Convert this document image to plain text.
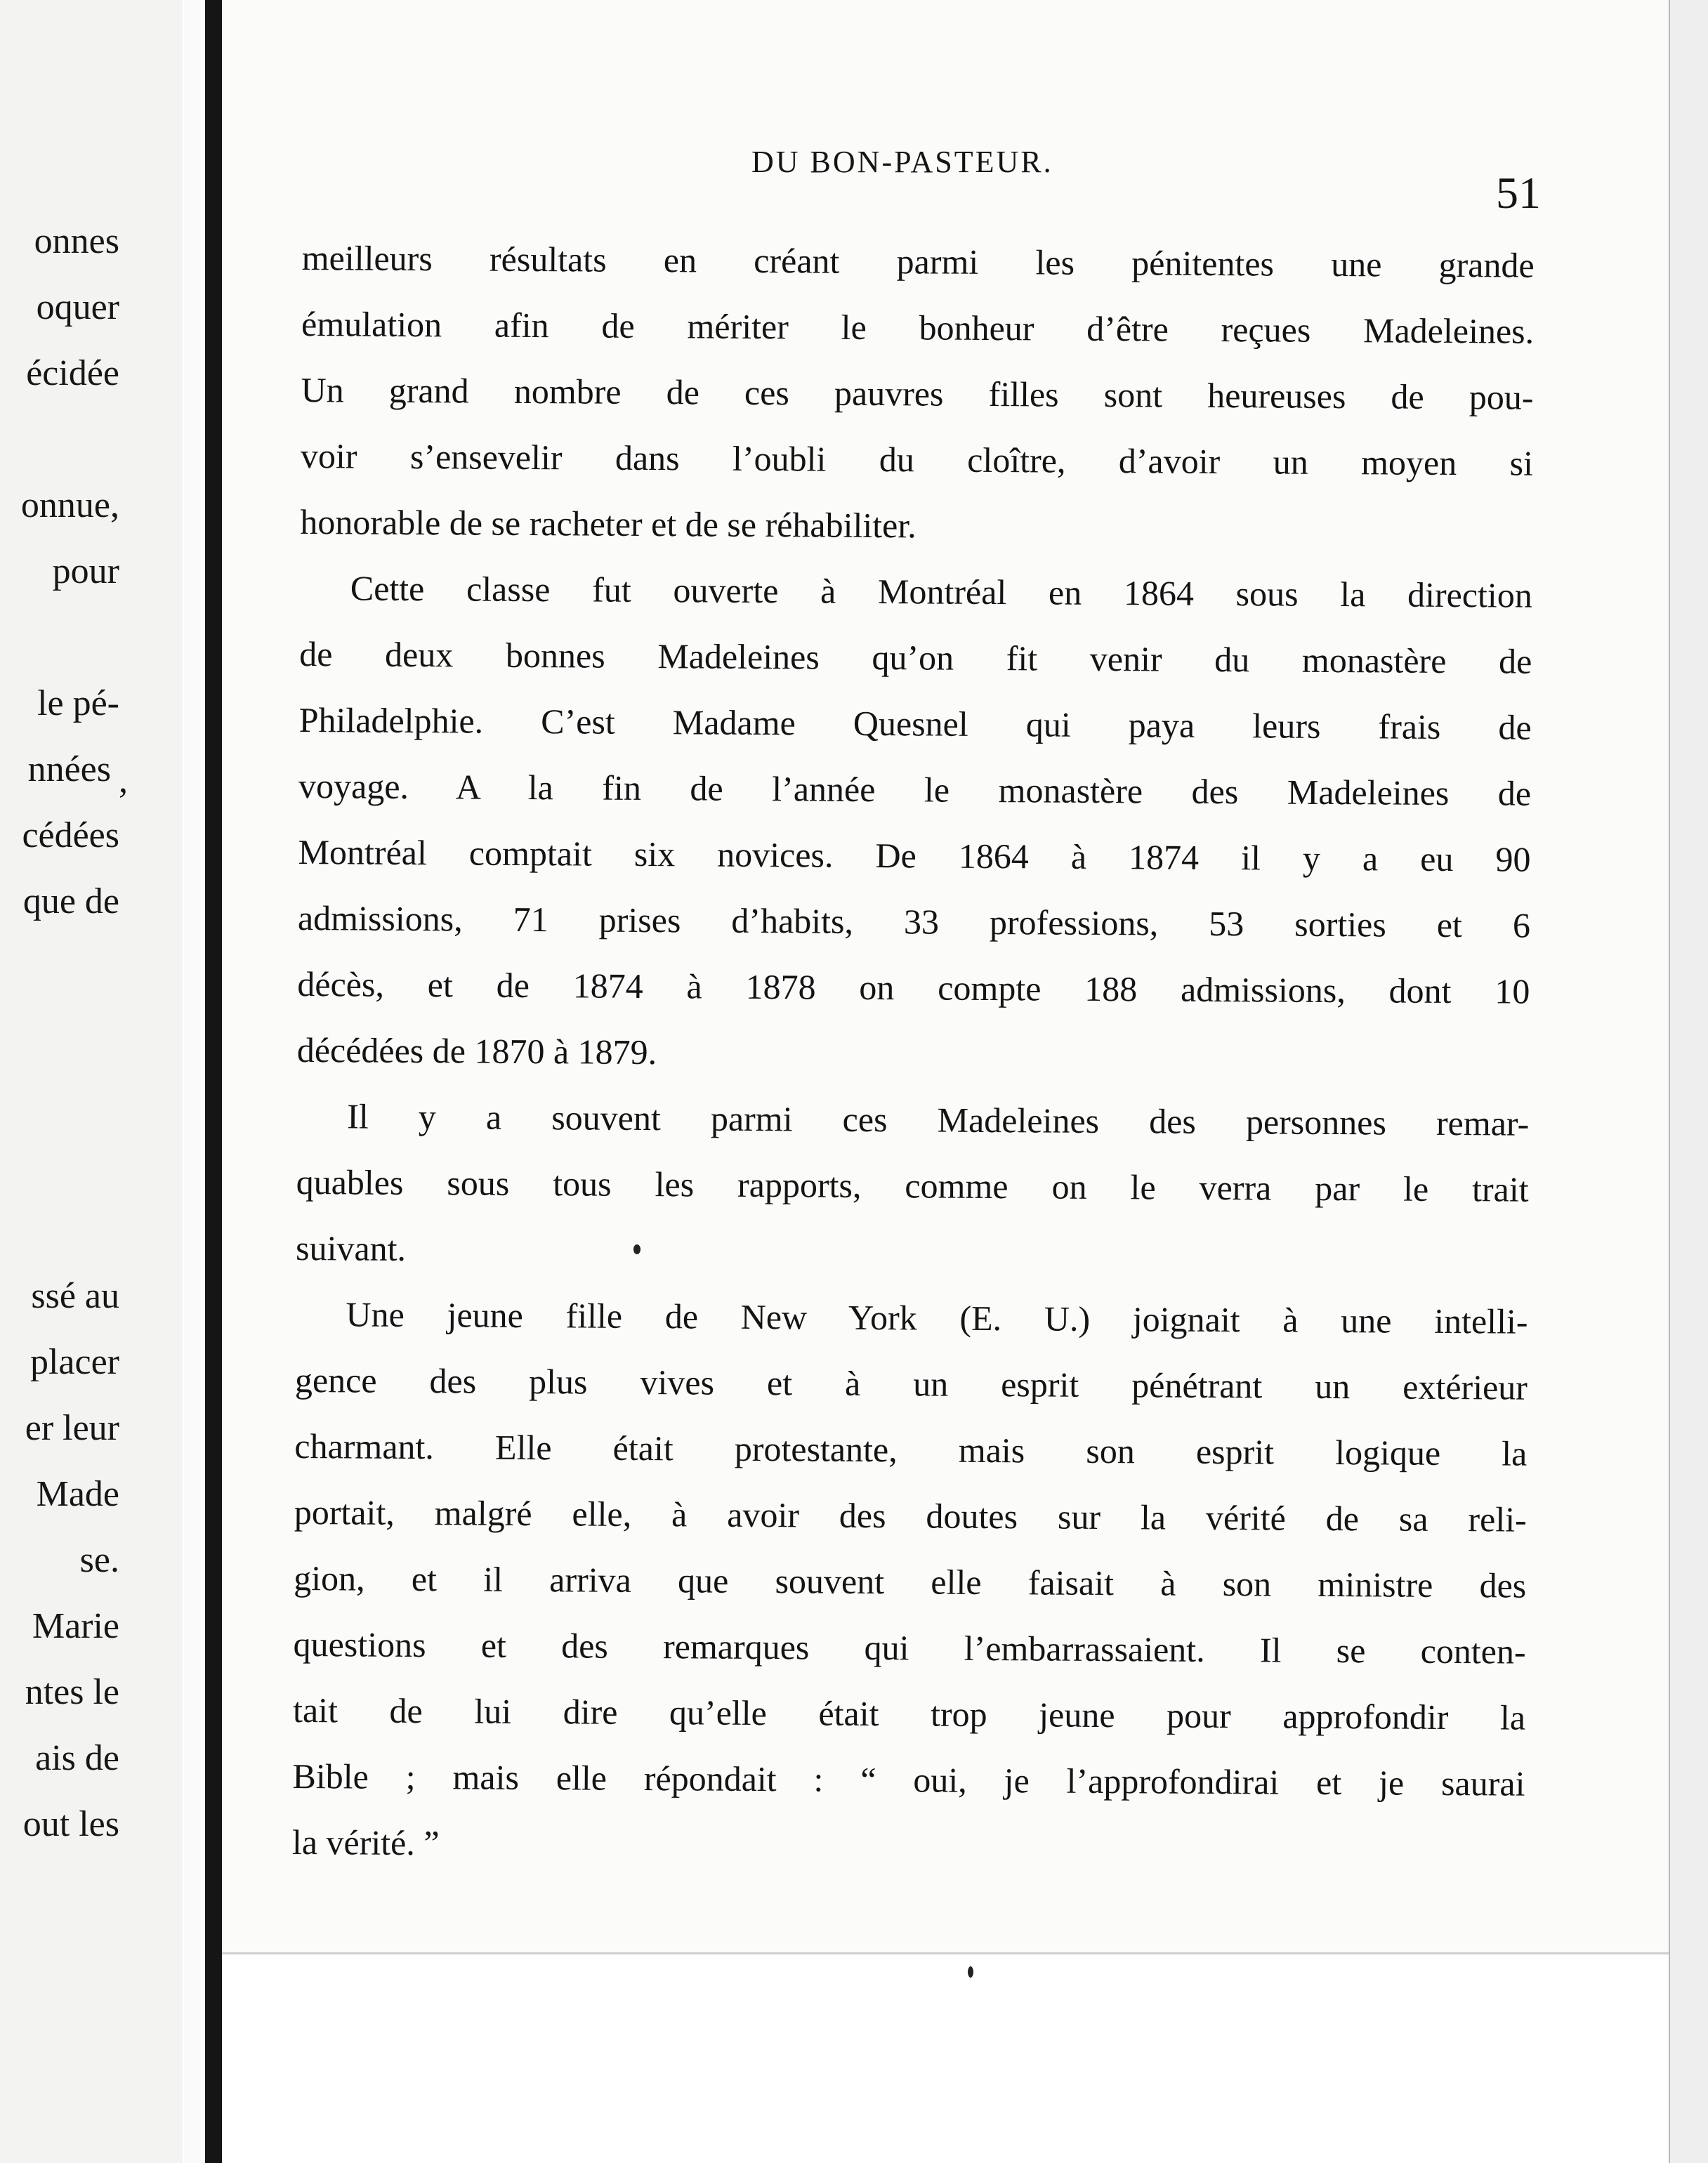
onnes
oquer
écidée
onnue,
pour
le pé-
nnées ,
cédées
que de
ssé au
placer
er leur
Made
se.
Marie
ntes le
ais de
out les
DU BON-PASTEUR.
51
meilleurs résultats en créant parmi les pénitentes une grande
émulation afin de mériter le bonheur d’être reçues Madeleines.
Un grand nombre de ces pauvres filles sont heureuses de pou-
voir s’ensevelir dans l’oubli du cloître, d’avoir un moyen si
honorable de se racheter et de se réhabiliter.
Cette classe fut ouverte à Montréal en 1864 sous la direction
de deux bonnes Madeleines qu’on fit venir du monastère de
Philadelphie. C’est Madame Quesnel qui paya leurs frais de
voyage. A la fin de l’année le monastère des Madeleines de
Montréal comptait six novices. De 1864 à 1874 il y a eu 90
admissions, 71 prises d’habits, 33 professions, 53 sorties et 6
décès, et de 1874 à 1878 on compte 188 admissions, dont 10
décédées de 1870 à 1879.
Il y a souvent parmi ces Madeleines des personnes remar-
quables sous tous les rapports, comme on le verra par le trait
suivant.
Une jeune fille de New York (E. U.) joignait à une intelli-
gence des plus vives et à un esprit pénétrant un extérieur
charmant. Elle était protestante, mais son esprit logique la
portait, malgré elle, à avoir des doutes sur la vérité de sa reli-
gion, et il arriva que souvent elle faisait à son ministre des
questions et des remarques qui l’embarrassaient. Il se conten-
tait de lui dire qu’elle était trop jeune pour approfondir la
Bible ; mais elle répondait : “ oui, je l’approfondirai et je saurai
la vérité. ”
